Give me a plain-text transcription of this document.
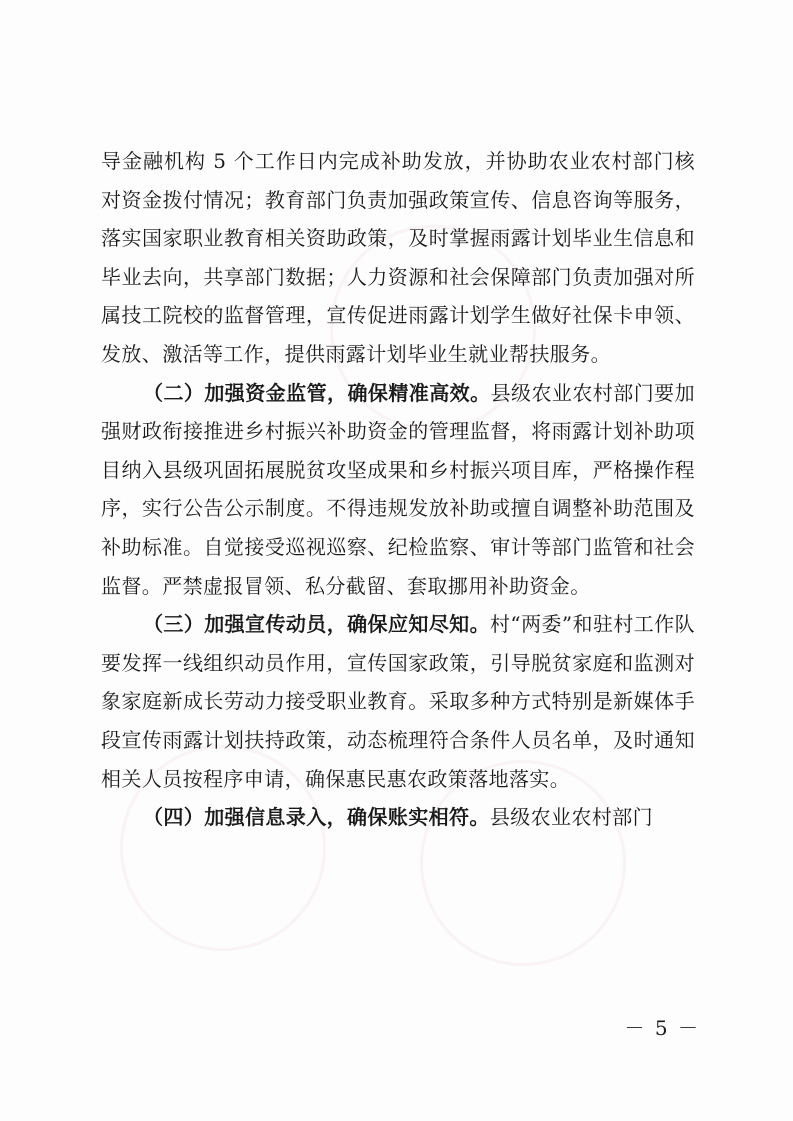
导金融机构 5 个工作日内完成补助发放，并协助农业农村部门核对资金拨付情况；教育部门负责加强政策宣传、信息咨询等服务，落实国家职业教育相关资助政策，及时掌握雨露计划毕业生信息和毕业去向，共享部门数据；人力资源和社会保障部门负责加强对所属技工院校的监督管理，宣传促进雨露计划学生做好社保卡申领、发放、激活等工作，提供雨露计划毕业生就业帮扶服务。

（二）加强资金监管，确保精准高效。县级农业农村部门要加强财政衔接推进乡村振兴补助资金的管理监督，将雨露计划补助项目纳入县级巩固拓展脱贫攻坚成果和乡村振兴项目库，严格操作程序，实行公告公示制度。不得违规发放补助或擅自调整补助范围及补助标准。自觉接受巡视巡察、纪检监察、审计等部门监管和社会监督。严禁虚报冒领、私分截留、套取挪用补助资金。

（三）加强宣传动员，确保应知尽知。村“两委”和驻村工作队要发挥一线组织动员作用，宣传国家政策，引导脱贫家庭和监测对象家庭新成长劳动力接受职业教育。采取多种方式特别是新媒体手段宣传雨露计划扶持政策，动态梳理符合条件人员名单，及时通知相关人员按程序申请，确保惠民惠农政策落地落实。

（四）加强信息录入，确保账实相符。县级农业农村部门

－ 5 －
